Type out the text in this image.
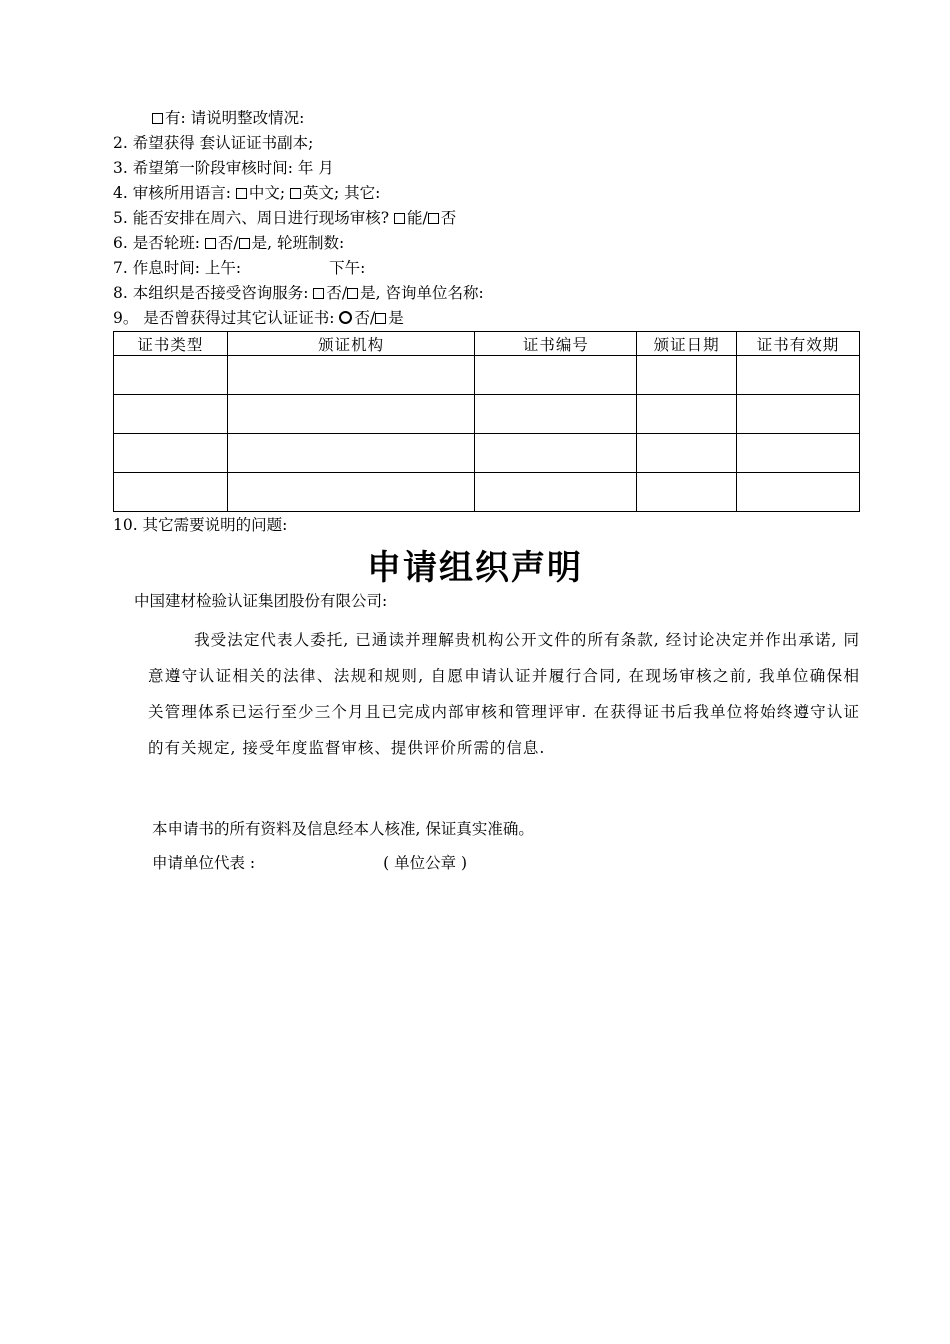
有: 请说明整改情况:
2. 希望获得 套认证证书副本;
3. 希望第一阶段审核时间: 年 月
4. 审核所用语言: 中文; 英文; 其它:
5. 能否安排在周六、周日进行现场审核? 能/ 否
6. 是否轮班: 否/ 是, 轮班制数:
7. 作息时间: 上午:	下午:
8. 本组织是否接受咨询服务: 否/ 是, 咨询单位名称:
9。 是否曾获得过其它认证证书: 否/ 是
证书类型	颁证机构	证书编号	颁证日期	证书有效期

10. 其它需要说明的问题:
申请组织声明
中国建材检验认证集团股份有限公司:
我受法定代表人委托, 已通读并理解贵机构公开文件的所有条款, 经讨论决定并作出承诺, 同意遵守认证相关的法律、法规和规则, 自愿申请认证并履行合同, 在现场审核之前, 我单位确保相关管理体系已运行至少三个月且已完成内部审核和管理评审. 在获得证书后我单位将始终遵守认证的有关规定, 接受年度监督审核、提供评价所需的信息.
本申请书的所有资料及信息经本人核准, 保证真实准确。
申请单位代表 :	( 单位公章 )
